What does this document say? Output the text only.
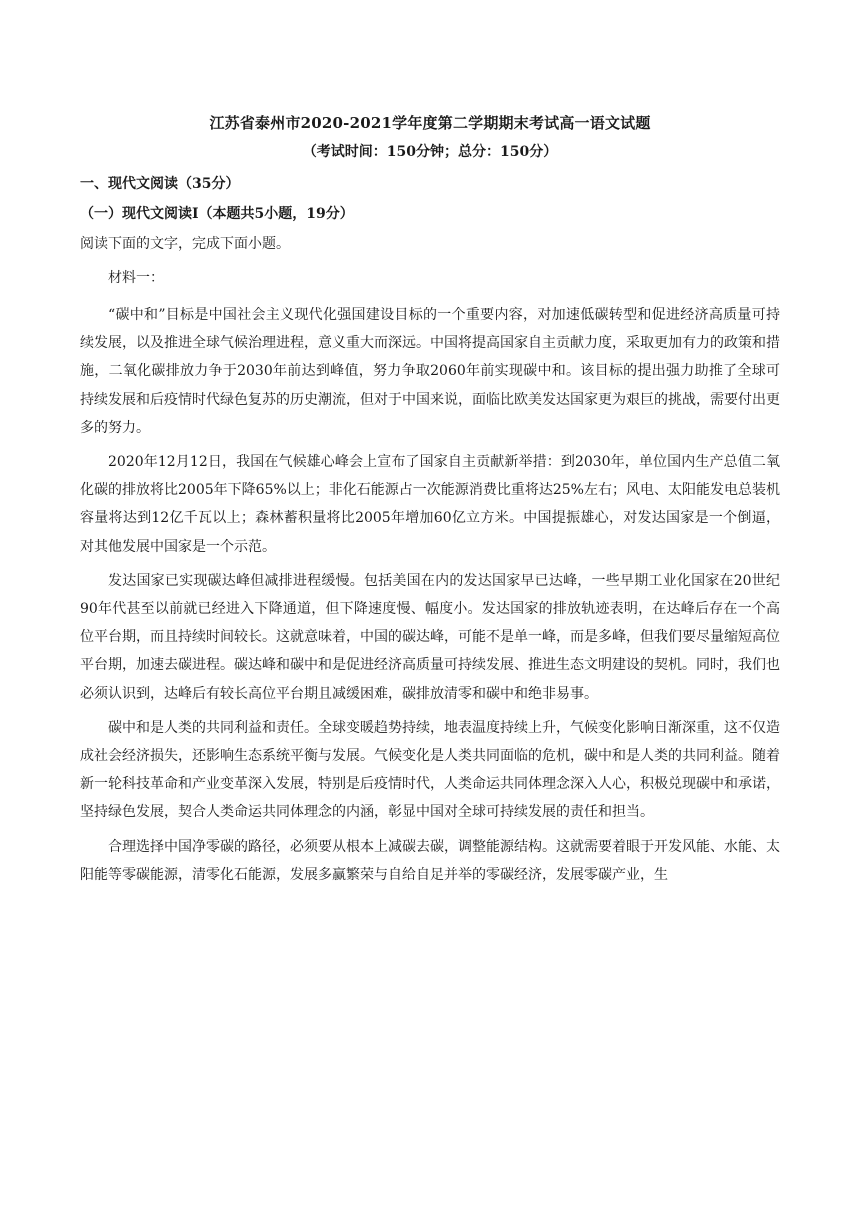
江苏省泰州市2020-2021学年度第二学期期末考试高一语文试题
（考试时间：150分钟；总分：150分）
一、现代文阅读（35分）
（一）现代文阅读Ⅰ（本题共5小题，19分）
阅读下面的文字，完成下面小题。
材料一：

“碳中和”目标是中国社会主义现代化强国建设目标的一个重要内容，对加速低碳转型和促进经济高质量可持续发展，以及推进全球气候治理进程，意义重大而深远。中国将提高国家自主贡献力度，采取更加有力的政策和措施，二氧化碳排放力争于2030年前达到峰值，努力争取2060年前实现碳中和。该目标的提出强力助推了全球可持续发展和后疫情时代绿色复苏的历史潮流，但对于中国来说，面临比欧美发达国家更为艰巨的挑战，需要付出更多的努力。

2020年12月12日，我国在气候雄心峰会上宣布了国家自主贡献新举措：到2030年，单位国内生产总值二氧化碳的排放将比2005年下降65%以上；非化石能源占一次能源消费比重将达25%左右；风电、太阳能发电总装机容量将达到12亿千瓦以上；森林蓄积量将比2005年增加60亿立方米。中国提振雄心，对发达国家是一个倒逼，对其他发展中国家是一个示范。

发达国家已实现碳达峰但减排进程缓慢。包括美国在内的发达国家早已达峰，一些早期工业化国家在20世纪90年代甚至以前就已经进入下降通道，但下降速度慢、幅度小。发达国家的排放轨迹表明，在达峰后存在一个高位平台期，而且持续时间较长。这就意味着，中国的碳达峰，可能不是单一峰，而是多峰，但我们要尽量缩短高位平台期，加速去碳进程。碳达峰和碳中和是促进经济高质量可持续发展、推进生态文明建设的契机。同时，我们也必须认识到，达峰后有较长高位平台期且减缓困难，碳排放清零和碳中和绝非易事。

碳中和是人类的共同利益和责任。全球变暖趋势持续，地表温度持续上升，气候变化影响日渐深重，这不仅造成社会经济损失，还影响生态系统平衡与发展。气候变化是人类共同面临的危机，碳中和是人类的共同利益。随着新一轮科技革命和产业变革深入发展，特别是后疫情时代，人类命运共同体理念深入人心，积极兑现碳中和承诺，坚持绿色发展，契合人类命运共同体理念的内涵，彰显中国对全球可持续发展的责任和担当。

合理选择中国净零碳的路径，必须要从根本上减碳去碳，调整能源结构。这就需要着眼于开发风能、水能、太阳能等零碳能源，清零化石能源，发展多赢繁荣与自给自足并举的零碳经济，发展零碳产业，生
